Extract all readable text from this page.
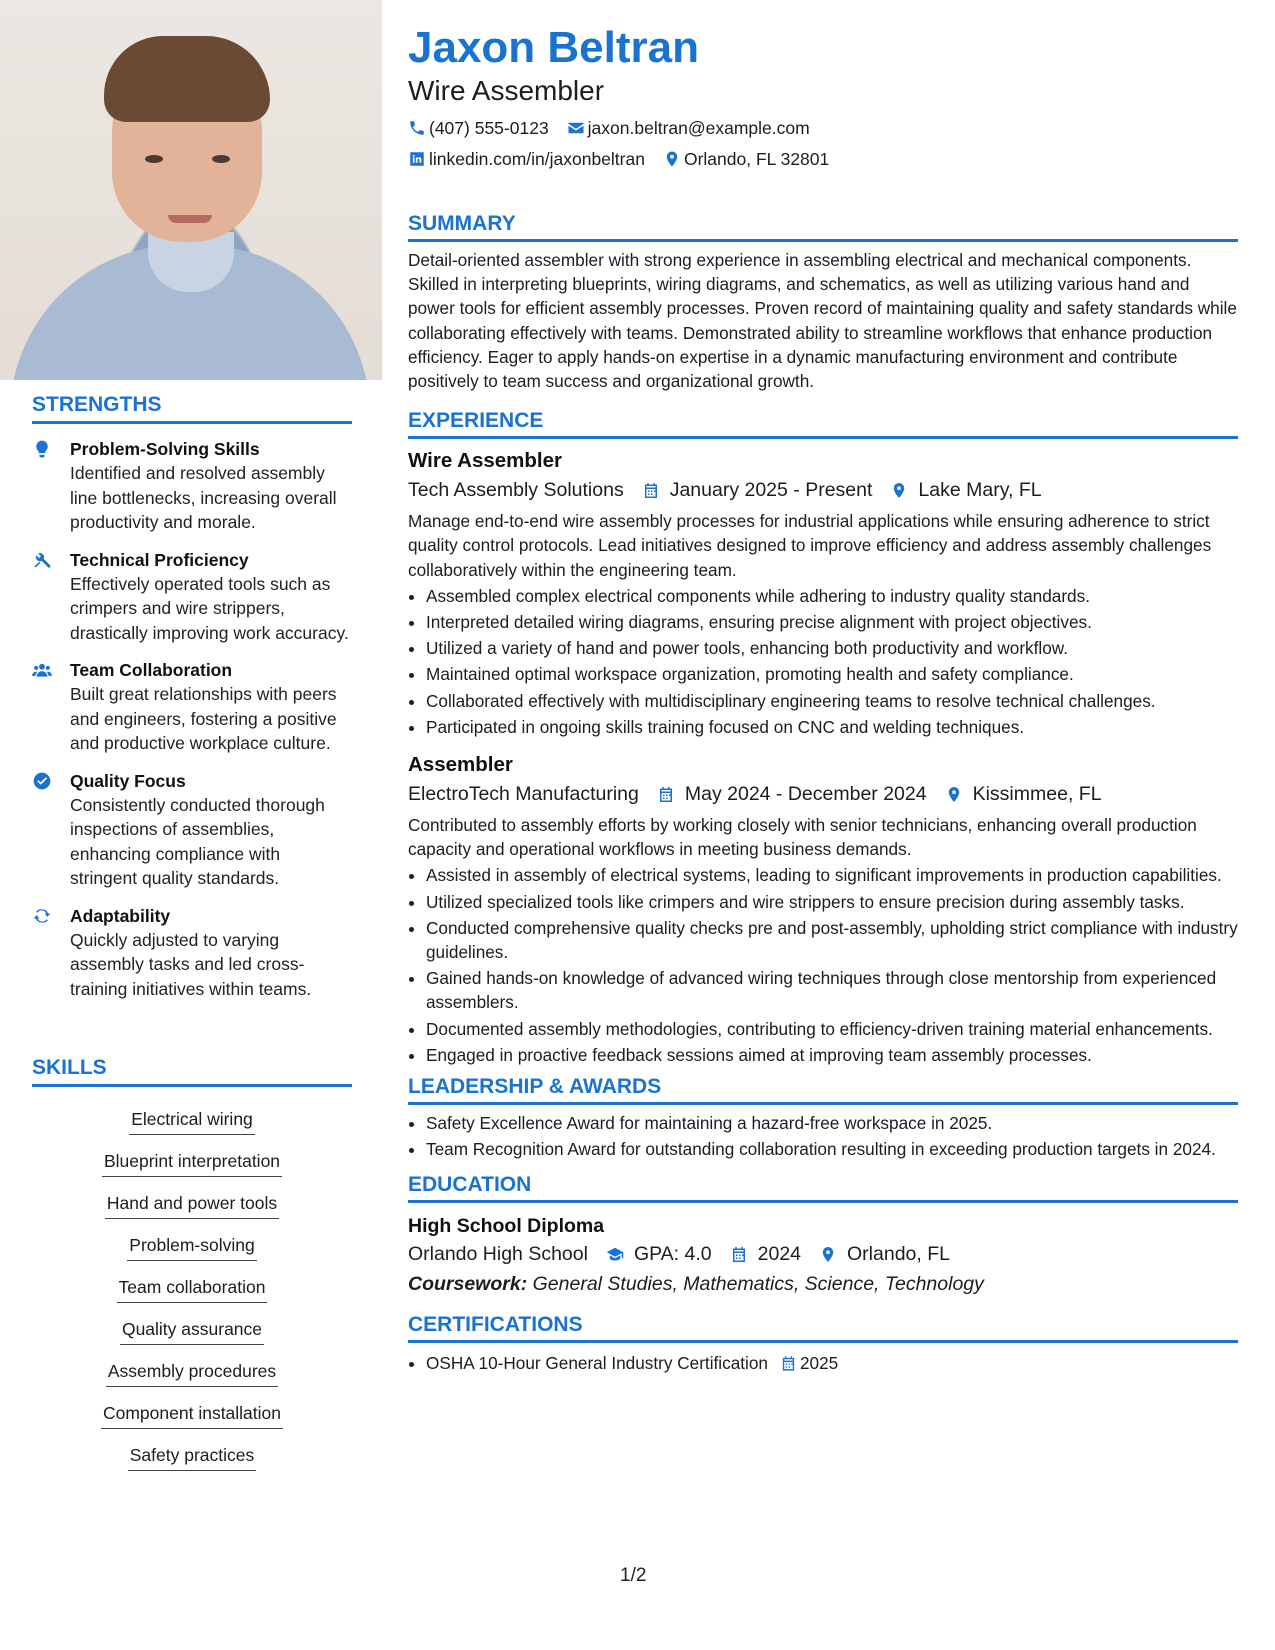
STRENGTHS
Problem-Solving Skills
Identified and resolved assembly line bottlenecks, increasing overall productivity and morale.
Technical Proficiency
Effectively operated tools such as crimpers and wire strippers, drastically improving work accuracy.
Team Collaboration
Built great relationships with peers and engineers, fostering a positive and productive workplace culture.
Quality Focus
Consistently conducted thorough inspections of assemblies, enhancing compliance with stringent quality standards.
Adaptability
Quickly adjusted to varying assembly tasks and led cross-training initiatives within teams.
SKILLS
Electrical wiring
Blueprint interpretation
Hand and power tools
Problem-solving
Team collaboration
Quality assurance
Assembly procedures
Component installation
Safety practices
Jaxon Beltran
Wire Assembler
(407) 555-0123 jaxon.beltran@example.com
linkedin.com/in/jaxonbeltran Orlando, FL 32801
SUMMARY

Detail-oriented assembler with strong experience in assembling electrical and mechanical components. Skilled in interpreting blueprints, wiring diagrams, and schematics, as well as utilizing various hand and power tools for efficient assembly processes. Proven record of maintaining quality and safety standards while collaborating effectively with teams. Demonstrated ability to streamline workflows that enhance production efficiency. Eager to apply hands-on expertise in a dynamic manufacturing environment and contribute positively to team success and organizational growth.

EXPERIENCE
Wire Assembler
Tech Assembly Solutions January 2025 - Present Lake Mary, FL

Manage end-to-end wire assembly processes for industrial applications while ensuring adherence to strict quality control protocols. Lead initiatives designed to improve efficiency and address assembly challenges collaboratively within the engineering team.

• Assembled complex electrical components while adhering to industry quality standards.
• Interpreted detailed wiring diagrams, ensuring precise alignment with project objectives.
• Utilized a variety of hand and power tools, enhancing both productivity and workflow.
• Maintained optimal workspace organization, promoting health and safety compliance.
• Collaborated effectively with multidisciplinary engineering teams to resolve technical challenges.
• Participated in ongoing skills training focused on CNC and welding techniques.
Assembler
ElectroTech Manufacturing May 2024 - December 2024 Kissimmee, FL

Contributed to assembly efforts by working closely with senior technicians, enhancing overall production capacity and operational workflows in meeting business demands.

• Assisted in assembly of electrical systems, leading to significant improvements in production capabilities.
• Utilized specialized tools like crimpers and wire strippers to ensure precision during assembly tasks.
• Conducted comprehensive quality checks pre and post-assembly, upholding strict compliance with industry guidelines.
• Gained hands-on knowledge of advanced wiring techniques through close mentorship from experienced assemblers.
• Documented assembly methodologies, contributing to efficiency-driven training material enhancements.
• Engaged in proactive feedback sessions aimed at improving team assembly processes.
LEADERSHIP & AWARDS
• Safety Excellence Award for maintaining a hazard-free workspace in 2025.
• Team Recognition Award for outstanding collaboration resulting in exceeding production targets in 2024.
EDUCATION
High School Diploma
Orlando High School GPA: 4.0 2024 Orlando, FL
Coursework: General Studies, Mathematics, Science, Technology
CERTIFICATIONS
• OSHA 10-Hour General Industry Certification 2025
1/2
